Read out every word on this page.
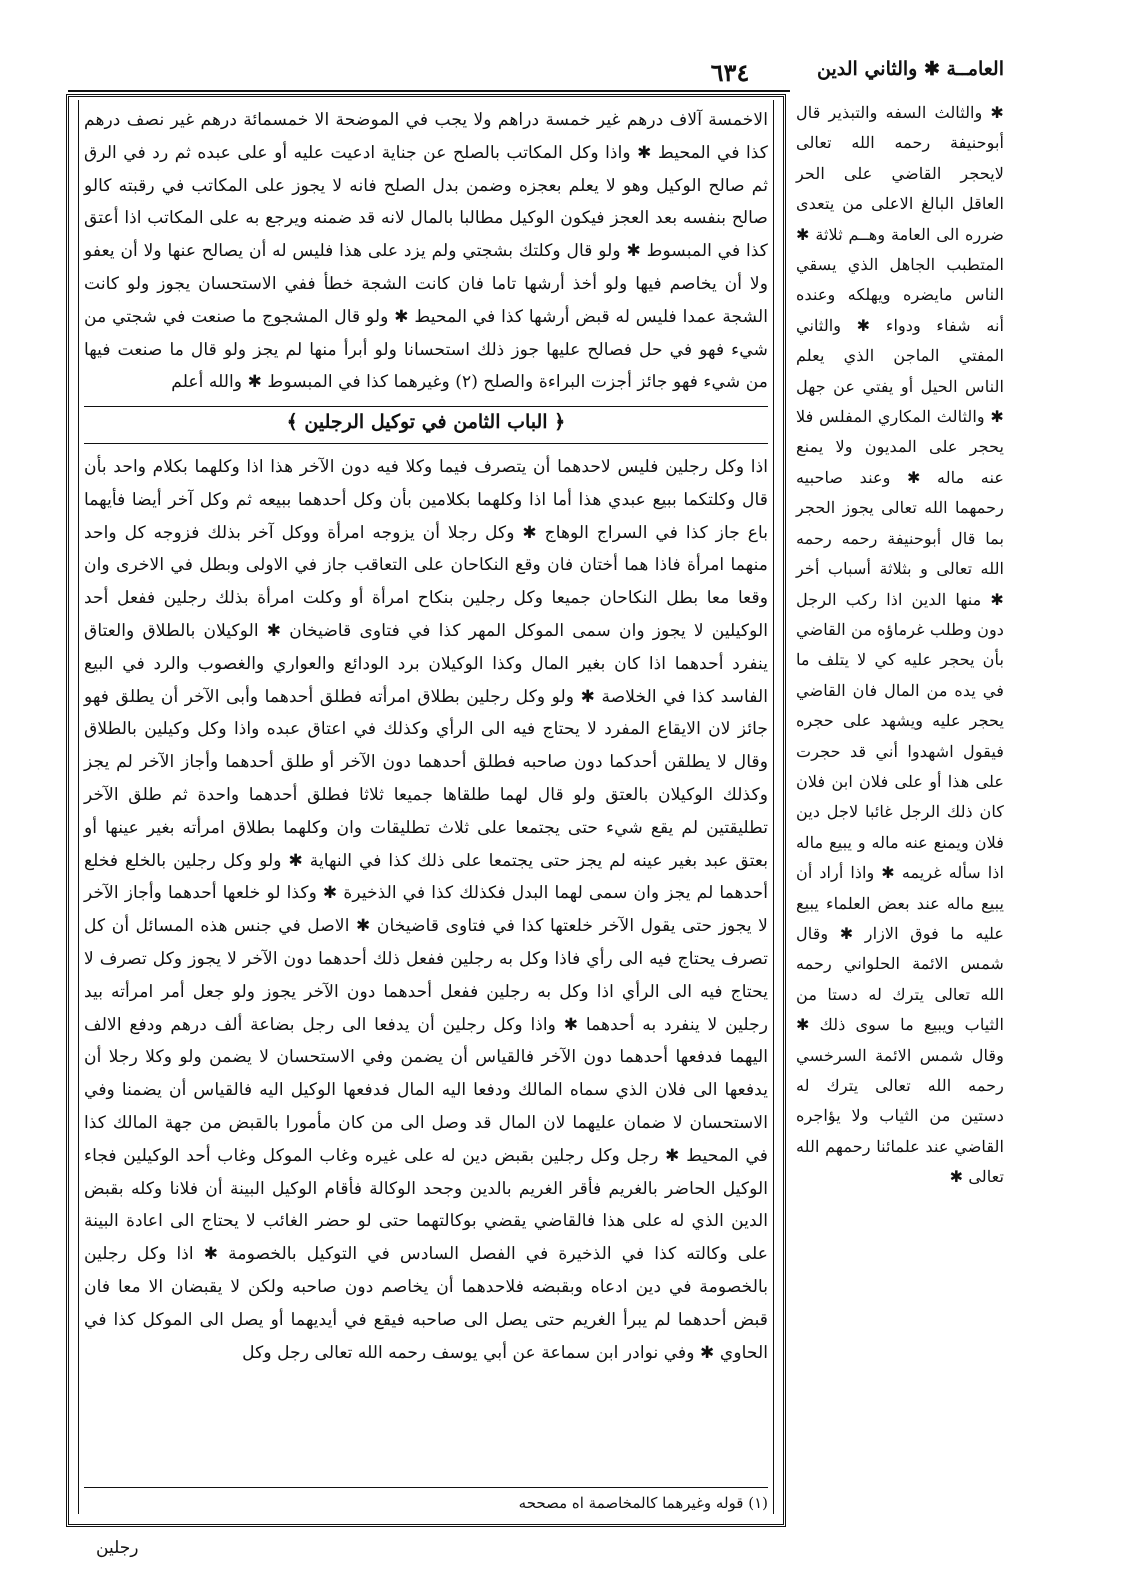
٦٣٤	العامــة ✱ والثاني الدين
✱ والثالث السفه والتبذير قال أبوحنيفة رحمه الله تعالى لايحجر القاضي على الحر العاقل البالغ الاعلى من يتعدى ضرره الى العامة وهــم ثلاثة ✱ المتطبب الجاهل الذي يسقي الناس مايضره ويهلكه وعنده أنه شفاء ودواء ✱ والثاني المفتي الماجن الذي يعلم الناس الحيل أو يفتي عن جهل ✱ والثالث المكاري المفلس فلا يحجر على المديون ولا يمنع عنه ماله ✱ وعند صاحبيه رحمهما الله تعالى يجوز الحجر بما قال أبوحنيفة رحمه رحمه الله تعالى و بثلاثة أسباب أخر ✱ منها الدين اذا ركب الرجل دون وطلب غرماؤه من القاضي بأن يحجر عليه كي لا يتلف ما في يده من المال فان القاضي يحجر عليه ويشهد على حجره فيقول اشهدوا أني قد حجرت على هذا أو على فلان ابن فلان كان ذلك الرجل غائبا لاجل دين فلان ويمنع عنه ماله و يبيع ماله اذا سأله غريمه ✱ واذا أراد أن يبيع ماله عند بعض العلماء يبيع عليه ما فوق الازار ✱ وقال شمس الائمة الحلواني رحمه الله تعالى يترك له دستا من الثياب ويبيع ما سوى ذلك ✱ وقال شمس الائمة السرخسي رحمه الله تعالى يترك له دستين من الثياب ولا يؤاجره القاضي عند علمائنا رحمهم الله تعالى ✱
الاخمسة آلاف درهم غير خمسة دراهم ولا يجب في الموضحة الا خمسمائة درهم غير نصف درهم كذا في المحيط ✱ واذا وكل المكاتب بالصلح عن جناية ادعيت عليه أو على عبده ثم رد في الرق ثم صالح الوكيل وهو لا يعلم بعجزه وضمن بدل الصلح فانه لا يجوز على المكاتب في رقبته كالو صالح بنفسه بعد العجز فيكون الوكيل مطالبا بالمال لانه قد ضمنه ويرجع به على المكاتب اذا أعتق كذا في المبسوط ✱ ولو قال وكلتك بشجتي ولم يزد على هذا فليس له أن يصالح عنها ولا أن يعفو ولا أن يخاصم فيها ولو أخذ أرشها تاما فان كانت الشجة خطأ ففي الاستحسان يجوز ولو كانت الشجة عمدا فليس له قبض أرشها كذا في المحيط ✱ ولو قال المشجوج ما صنعت في شجتي من شيء فهو في حل فصالح عليها جوز ذلك استحسانا ولو أبرأ منها لم يجز ولو قال ما صنعت فيها من شيء فهو جائز أجزت البراءة والصلح (٢) وغيرهما كذا في المبسوط ✱ والله أعلم
﴿ الباب الثامن في توكيل الرجلين ﴾
اذا وكل رجلين فليس لاحدهما أن يتصرف فيما وكلا فيه دون الآخر هذا اذا وكلهما بكلام واحد بأن قال وكلتكما ببيع عبدي هذا أما اذا وكلهما بكلامين بأن وكل أحدهما ببيعه ثم وكل آخر أيضا فأيهما باع جاز كذا في السراج الوهاج ✱ وكل رجلا أن يزوجه امرأة ووكل آخر بذلك فزوجه كل واحد منهما امرأة فاذا هما أختان فان وقع النكاحان على التعاقب جاز في الاولى وبطل في الاخرى وان وقعا معا بطل النكاحان جميعا وكل رجلين بنكاح امرأة أو وكلت امرأة بذلك رجلين ففعل أحد الوكيلين لا يجوز وان سمى الموكل المهر كذا في فتاوى قاضيخان ✱ الوكيلان بالطلاق والعتاق ينفرد أحدهما اذا كان بغير المال وكذا الوكيلان برد الودائع والعواري والغصوب والرد في البيع الفاسد كذا في الخلاصة ✱ ولو وكل رجلين بطلاق امرأته فطلق أحدهما وأبى الآخر أن يطلق فهو جائز لان الايقاع المفرد لا يحتاج فيه الى الرأي وكذلك في اعتاق عبده واذا وكل وكيلين بالطلاق وقال لا يطلقن أحدكما دون صاحبه فطلق أحدهما دون الآخر أو طلق أحدهما وأجاز الآخر لم يجز وكذلك الوكيلان بالعتق ولو قال لهما طلقاها جميعا ثلاثا فطلق أحدهما واحدة ثم طلق الآخر تطليقتين لم يقع شيء حتى يجتمعا على ثلاث تطليقات وان وكلهما بطلاق امرأته بغير عينها أو بعتق عبد بغير عينه لم يجز حتى يجتمعا على ذلك كذا في النهاية ✱ ولو وكل رجلين بالخلع فخلع أحدهما لم يجز وان سمى لهما البدل فكذلك كذا في الذخيرة ✱ وكذا لو خلعها أحدهما وأجاز الآخر لا يجوز حتى يقول الآخر خلعتها كذا في فتاوى قاضيخان ✱ الاصل في جنس هذه المسائل أن كل تصرف يحتاج فيه الى رأي فاذا وكل به رجلين ففعل ذلك أحدهما دون الآخر لا يجوز وكل تصرف لا يحتاج فيه الى الرأي اذا وكل به رجلين ففعل أحدهما دون الآخر يجوز ولو جعل أمر امرأته بيد رجلين لا ينفرد به أحدهما ✱ واذا وكل رجلين أن يدفعا الى رجل بضاعة ألف درهم ودفع الالف اليهما فدفعها أحدهما دون الآخر فالقياس أن يضمن وفي الاستحسان لا يضمن ولو وكلا رجلا أن يدفعها الى فلان الذي سماه المالك ودفعا اليه المال فدفعها الوكيل اليه فالقياس أن يضمنا وفي الاستحسان لا ضمان عليهما لان المال قد وصل الى من كان مأمورا بالقبض من جهة المالك كذا في المحيط ✱ رجل وكل رجلين بقبض دين له على غيره وغاب الموكل وغاب أحد الوكيلين فجاء الوكيل الحاضر بالغريم فأقر الغريم بالدين وجحد الوكالة فأقام الوكيل البينة أن فلانا وكله بقبض الدين الذي له على هذا فالقاضي يقضي بوكالتهما حتى لو حضر الغائب لا يحتاج الى اعادة البينة على وكالته كذا في الذخيرة في الفصل السادس في التوكيل بالخصومة ✱ اذا وكل رجلين بالخصومة في دين ادعاه وبقبضه فلاحدهما أن يخاصم دون صاحبه ولكن لا يقبضان الا معا فان قبض أحدهما لم يبرأ الغريم حتى يصل الى صاحبه فيقع في أيديهما أو يصل الى الموكل كذا في الحاوي ✱ وفي نوادر ابن سماعة عن أبي يوسف رحمه الله تعالى رجل وكل
(١) قوله وغيرهما كالمخاصمة اه مصححه
رجلين
